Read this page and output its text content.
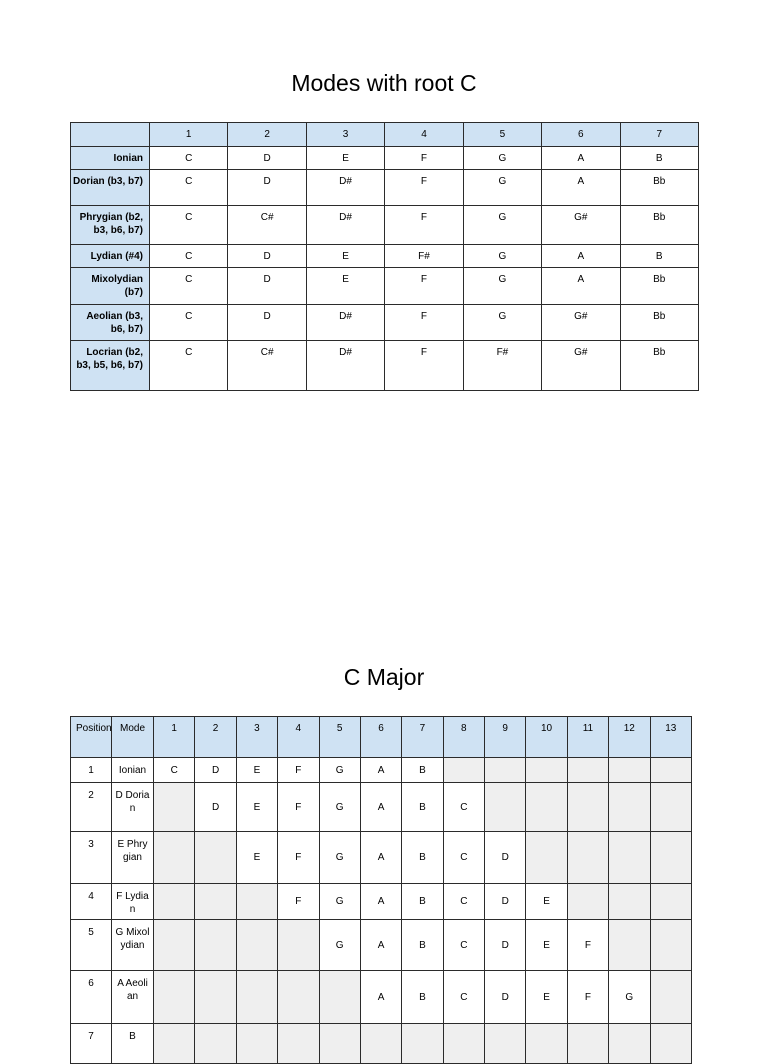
Modes with root C
	1	2	3	4	5	6	7
Ionian	C	D	E	F	G	A	B
Dorian (b3, b7)	C	D	D#	F	G	A	Bb
Phrygian (b2, b3, b6, b7)	C	C#	D#	F	G	G#	Bb
Lydian (#4)	C	D	E	F#	G	A	B
Mixolydian (b7)	C	D	E	F	G	A	Bb
Aeolian (b3, b6, b7)	C	D	D#	F	G	G#	Bb
Locrian (b2, b3, b5, b6, b7)	C	C#	D#	F	F#	G#	Bb
C Major
Position	Mode	1	2	3	4	5	6	7	8	9	10	11	12	13
1	Ionian	C	D	E	F	G	A	B						
2	D Dorian		D	E	F	G	A	B	C					
3	E Phrygian			E	F	G	A	B	C	D				
4	F Lydian				F	G	A	B	C	D	E			
5	G Mixolydian					G	A	B	C	D	E	F		
6	A Aeolian						A	B	C	D	E	F	G	
7	B													
